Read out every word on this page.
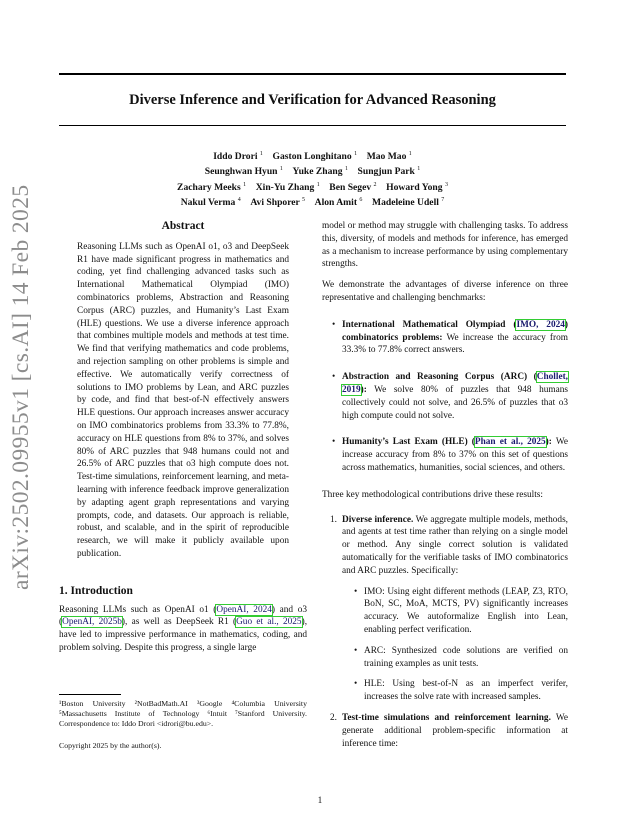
Diverse Inference and Verification for Advanced Reasoning
Iddo Drori $^1$  Gaston Longhitano $^1$  Mao Mao $^1$
Seunghwan Hyun $^1$  Yuke Zhang $^1$  Sungjun Park $^1$
Zachary Meeks $^1$  Xin-Yu Zhang $^1$  Ben Segev $^2$  Howard Yong $^3$
Nakul Verma $^4$  Avi Shporer $^5$  Alon Amit $^6$  Madeleine Udell $^7$
arXiv:2502.09955v1 [cs.AI] 14 Feb 2025	Abstract

Reasoning LLMs such as OpenAI o1, o3 and DeepSeek R1 have made significant progress in mathematics and coding, yet find challenging advanced tasks such as International Mathematical Olympiad (IMO) combinatorics problems, Abstraction and Reasoning Corpus (ARC) puzzles, and Humanity’s Last Exam (HLE) questions. We use a diverse inference approach that combines multiple models and methods at test time. We find that verifying mathematics and code problems, and rejection sampling on other problems is simple and effective. We automatically verify correctness of solutions to IMO problems by Lean, and ARC puzzles by code, and find that best-of-N effectively answers HLE questions. Our approach increases answer accuracy on IMO combinatorics problems from 33.3% to 77.8%, accuracy on HLE questions from 8% to 37%, and solves 80% of ARC puzzles that 948 humans could not and 26.5% of ARC puzzles that o3 high compute does not. Test-time simulations, reinforcement learning, and meta-learning with inference feedback improve generalization by adapting agent graph representations and varying prompts, code, and datasets. Our approach is reliable, robust, and scalable, and in the spirit of reproducible research, we will make it publicly available upon publication.

1. Introduction

Reasoning LLMs such as OpenAI o1 (OpenAI, 2024) and o3 (OpenAI, 2025b), as well as DeepSeek R1 (Guo et al., 2025), have led to impressive performance in mathematics, coding, and problem solving. Despite this progress, a single large

¹Boston University ²NotBadMath.AI ³Google ⁴Columbia University ⁵Massachusetts Institute of Technology ⁶Intuit ⁷Stanford University. Correspondence to: Iddo Drori <idrori@bu.edu>.
Copyright 2025 by the author(s).

model or method may struggle with challenging tasks. To address this, diversity, of models and methods for inference, has emerged as a mechanism to increase performance by using complementary strengths.

We demonstrate the advantages of diverse inference on three representative and challenging benchmarks:

• International Mathematical Olympiad (IMO, 2024) combinatorics problems: We increase the accuracy from 33.3% to 77.8% correct answers.
• Abstraction and Reasoning Corpus (ARC) (Chollet, 2019): We solve 80% of puzzles that 948 humans collectively could not solve, and 26.5% of puzzles that o3 high compute could not solve.
• Humanity’s Last Exam (HLE) (Phan et al., 2025): We increase accuracy from 8% to 37% on this set of questions across mathematics, humanities, social sciences, and others.

Three key methodological contributions drive these results:

1. Diverse inference. We aggregate multiple models, methods, and agents at test time rather than relying on a single model or method. Any single correct solution is validated automatically for the verifiable tasks of IMO combinatorics and ARC puzzles. Specifically:

• IMO: Using eight different methods (LEAP, Z3, RTO, BoN, SC, MoA, MCTS, PV) significantly increases accuracy. We autoformalize English into Lean, enabling perfect verification.
• ARC: Synthesized code solutions are verified on training examples as unit tests.
• HLE: Using best-of-N as an imperfect verifer, increases the solve rate with increased samples.
2. Test-time simulations and reinforcement learning. We generate additional problem-specific information at inference time:

1
